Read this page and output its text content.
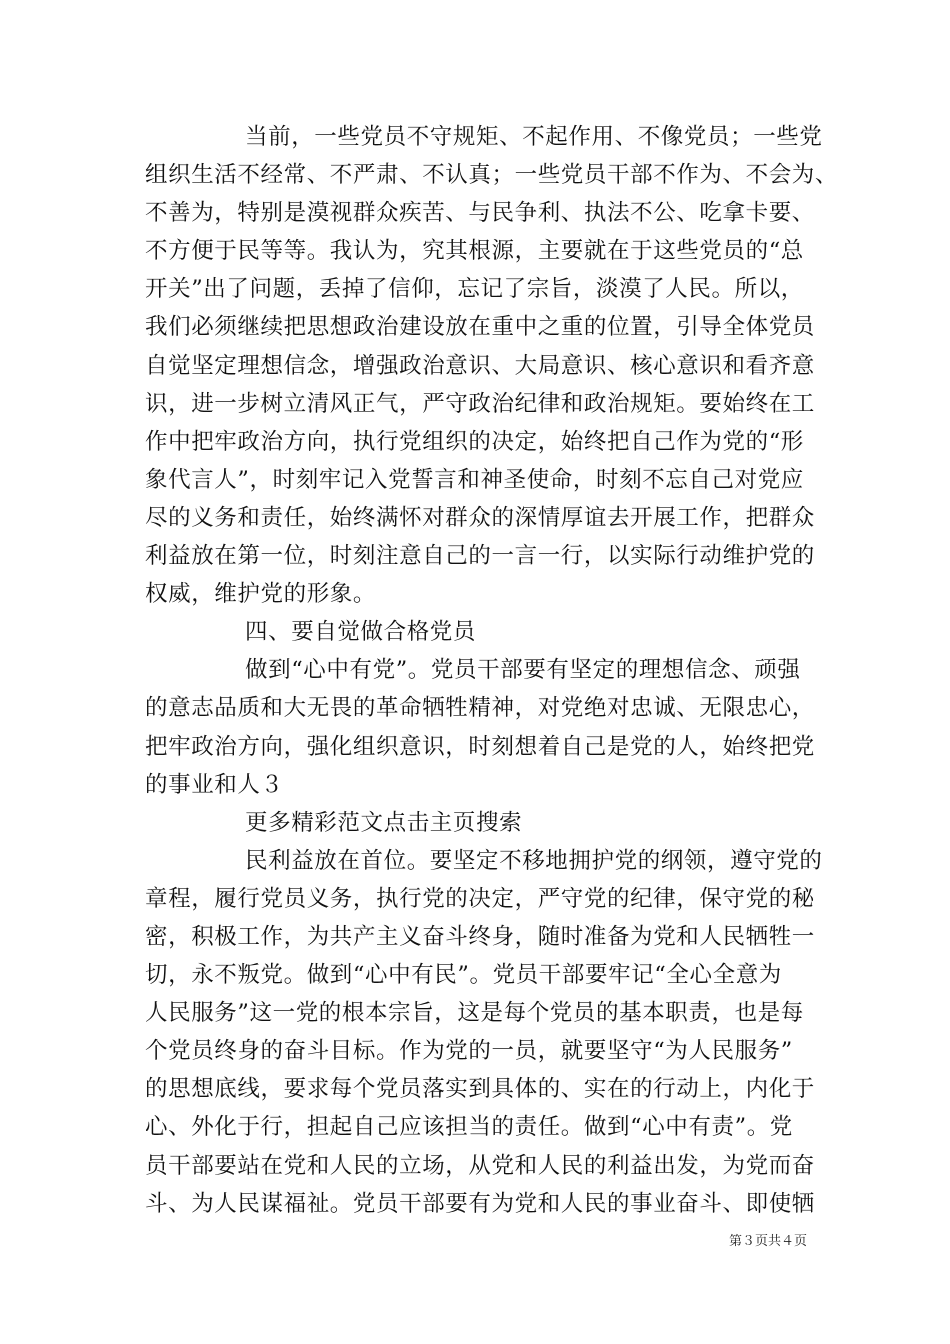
当前，一些党员不守规矩、不起作用、不像党员；一些党
组织生活不经常、不严肃、不认真；一些党员干部不作为、不会为、
不善为，特别是漠视群众疾苦、与民争利、执法不公、吃拿卡要、
不方便于民等等。我认为，究其根源，主要就在于这些党员的“总
开关”出了问题，丢掉了信仰，忘记了宗旨，淡漠了人民。所以，
我们必须继续把思想政治建设放在重中之重的位置，引导全体党员
自觉坚定理想信念，增强政治意识、大局意识、核心意识和看齐意
识，进一步树立清风正气，严守政治纪律和政治规矩。要始终在工
作中把牢政治方向，执行党组织的决定，始终把自己作为党的“形
象代言人”，时刻牢记入党誓言和神圣使命，时刻不忘自己对党应
尽的义务和责任，始终满怀对群众的深情厚谊去开展工作，把群众
利益放在第一位，时刻注意自己的一言一行，以实际行动维护党的
权威，维护党的形象。
四、要自觉做合格党员
做到“心中有党”。党员干部要有坚定的理想信念、顽强
的意志品质和大无畏的革命牺牲精神，对党绝对忠诚、无限忠心，
把牢政治方向，强化组织意识，时刻想着自己是党的人，始终把党
的事业和人３
更多精彩范文点击主页搜索
民利益放在首位。要坚定不移地拥护党的纲领，遵守党的
章程，履行党员义务，执行党的决定，严守党的纪律，保守党的秘
密，积极工作，为共产主义奋斗终身，随时准备为党和人民牺牲一
切，永不叛党。做到“心中有民”。党员干部要牢记“全心全意为
人民服务”这一党的根本宗旨，这是每个党员的基本职责，也是每
个党员终身的奋斗目标。作为党的一员，就要坚守“为人民服务”
的思想底线，要求每个党员落实到具体的、实在的行动上，内化于
心、外化于行，担起自己应该担当的责任。做到“心中有责”。党
员干部要站在党和人民的立场，从党和人民的利益出发，为党而奋
斗、为人民谋福祉。党员干部要有为党和人民的事业奋斗、即使牺
第３页共４页
